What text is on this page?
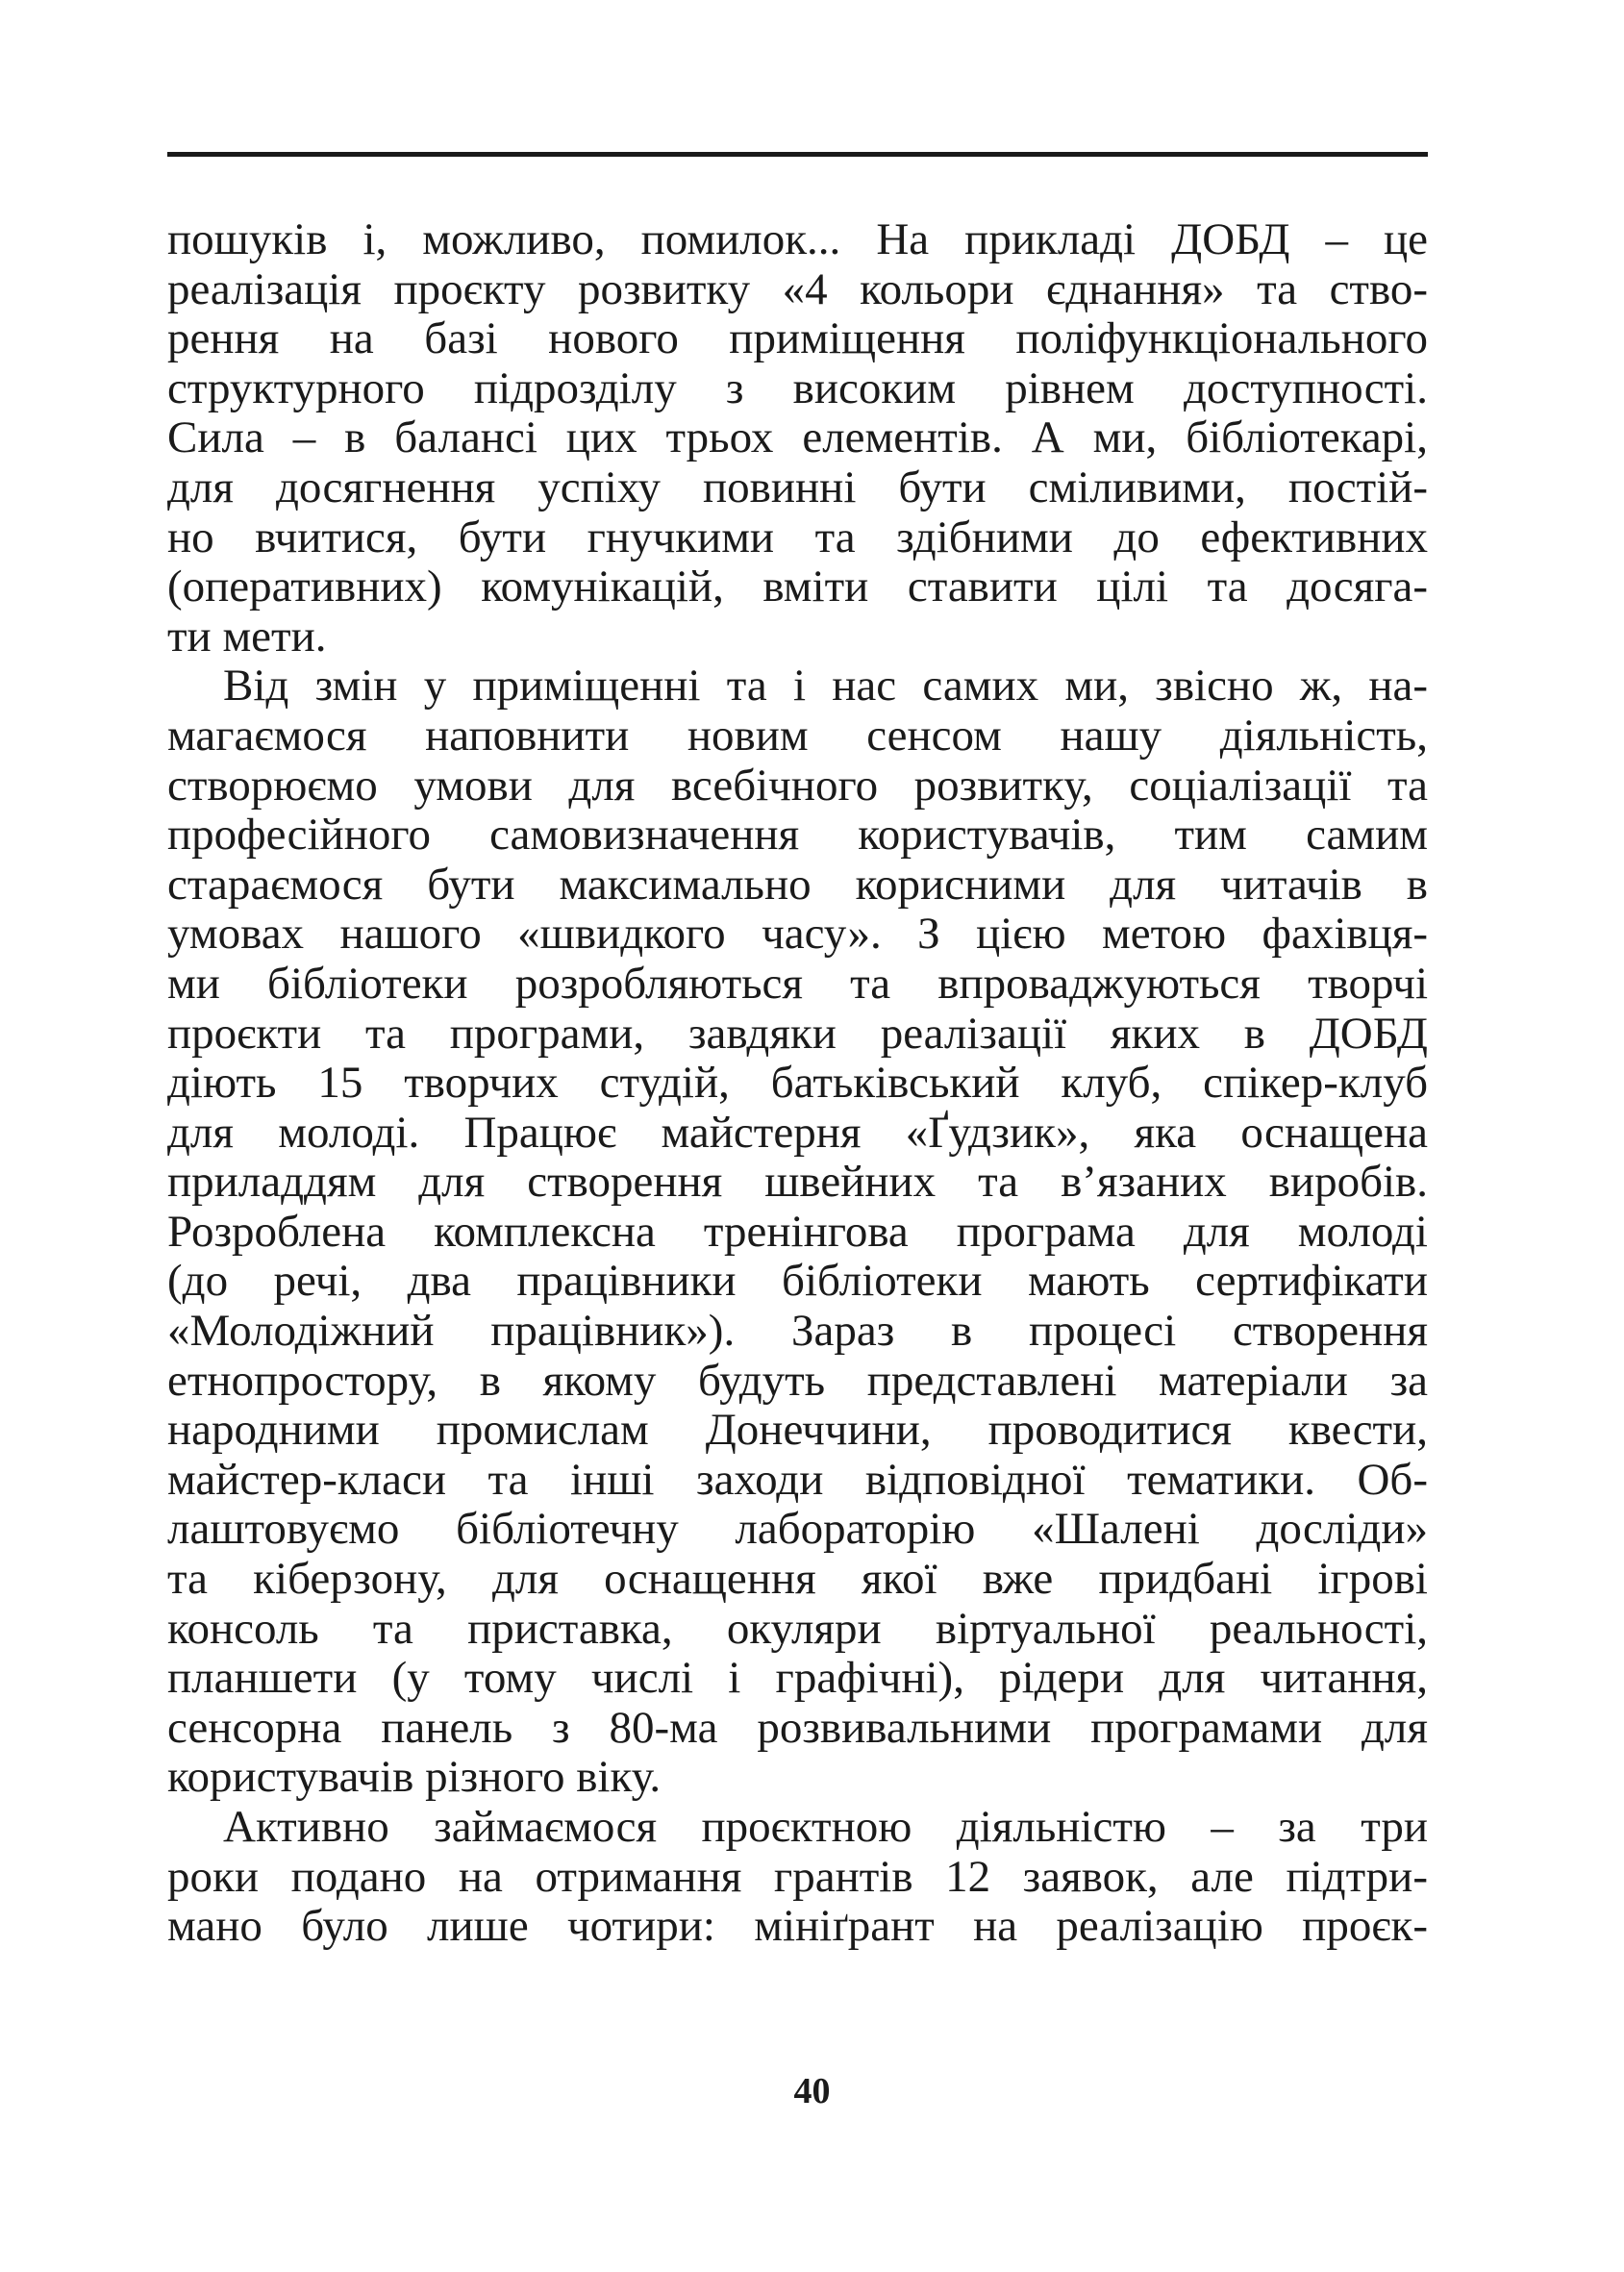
пошуків і, можливо, помилок... На прикладі ДОБД – це
реалізація проєкту розвитку «4 кольори єднання» та ство-
рення на базі нового приміщення поліфункціонального
структурного підрозділу з високим рівнем доступності.
Сила – в балансі цих трьох елементів. А ми, бібліотекарі,
для досягнення успіху повинні бути сміливими, постій-
но вчитися, бути гнучкими та здібними до ефективних
(оперативних) комунікацій, вміти ставити цілі та досяга-
ти мети.
Від змін у приміщенні та і нас самих ми, звісно ж, на-
магаємося наповнити новим сенсом нашу діяльність,
створюємо умови для всебічного розвитку, соціалізації та
професійного самовизначення користувачів, тим самим
стараємося бути максимально корисними для читачів в
умовах нашого «швидкого часу». З цією метою фахівця-
ми бібліотеки розробляються та впроваджуються творчі
проєкти та програми, завдяки реалізації яких в ДОБД
діють 15 творчих студій, батьківський клуб, спікер-клуб
для молоді. Працює майстерня «Ґудзик», яка оснащена
приладдям для створення швейних та в’язаних виробів.
Розроблена комплексна тренінгова програма для молоді
(до речі, два працівники бібліотеки мають сертифікати
«Молодіжний працівник»). Зараз в процесі створення
етнопростору, в якому будуть представлені матеріали за
народними промислам Донеччини, проводитися квести,
майстер-класи та інші заходи відповідної тематики. Об-
лаштовуємо бібліотечну лабораторію «Шалені досліди»
та кіберзону, для оснащення якої вже придбані ігрові
консоль та приставка, окуляри віртуальної реальності,
планшети (у тому числі і графічні), рідери для читання,
сенсорна панель з 80-ма розвивальними програмами для
користувачів різного віку.
Активно займаємося проєктною діяльністю – за три
роки подано на отримання грантів 12 заявок, але підтри-
мано було лише чотири: мініґрант на реалізацію проєк-
40
